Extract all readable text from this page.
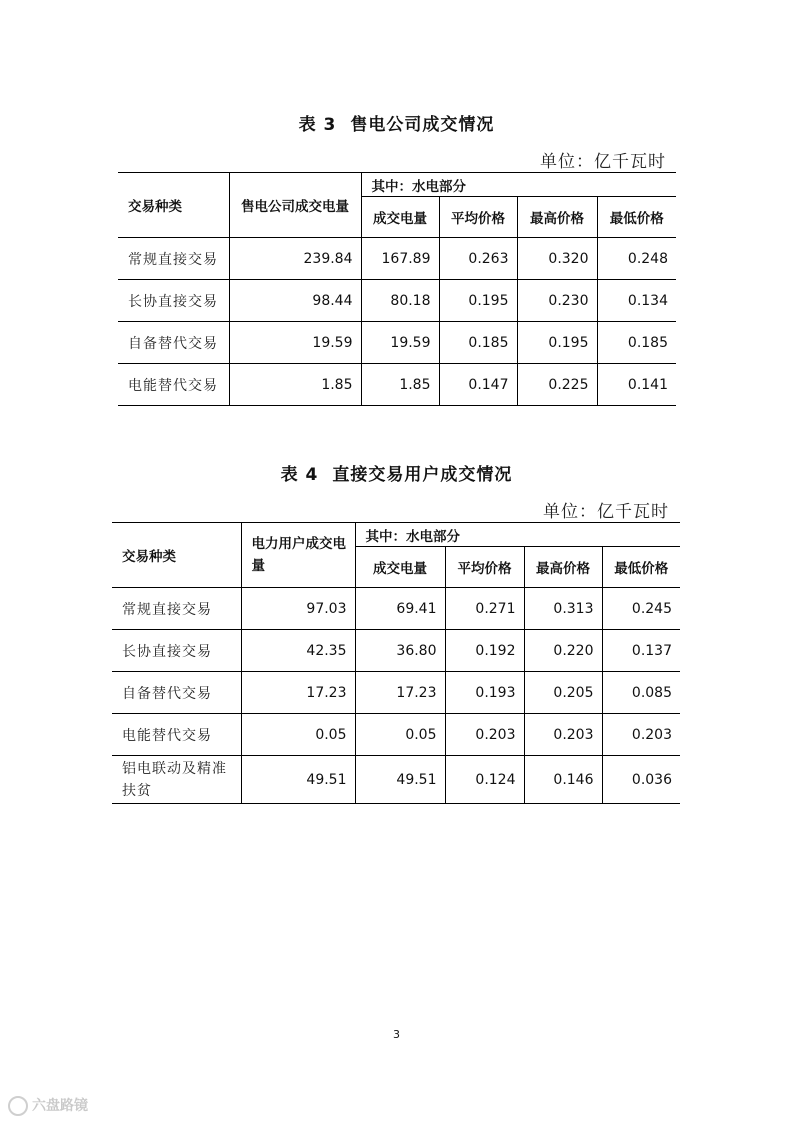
表 3 售电公司成交情况
单位：亿千瓦时
交易种类	售电公司成交电量	其中：水电部分			
		成交电量	平均价格	最高价格	最低价格
常规直接交易	239.84	167.89	0.263	0.320	0.248
长协直接交易	98.44	80.18	0.195	0.230	0.134
自备替代交易	19.59	19.59	0.185	0.195	0.185
电能替代交易	1.85	1.85	0.147	0.225	0.141
表 4 直接交易用户成交情况
单位：亿千瓦时
交易种类	电力用户成交电量	其中：水电部分			
		成交电量	平均价格	最高价格	最低价格
常规直接交易	97.03	69.41	0.271	0.313	0.245
长协直接交易	42.35	36.80	0.192	0.220	0.137
自备替代交易	17.23	17.23	0.193	0.205	0.085
电能替代交易	0.05	0.05	0.203	0.203	0.203
铝电联动及精准扶贫	49.51	49.51	0.124	0.146	0.036
3
六盘路镜
